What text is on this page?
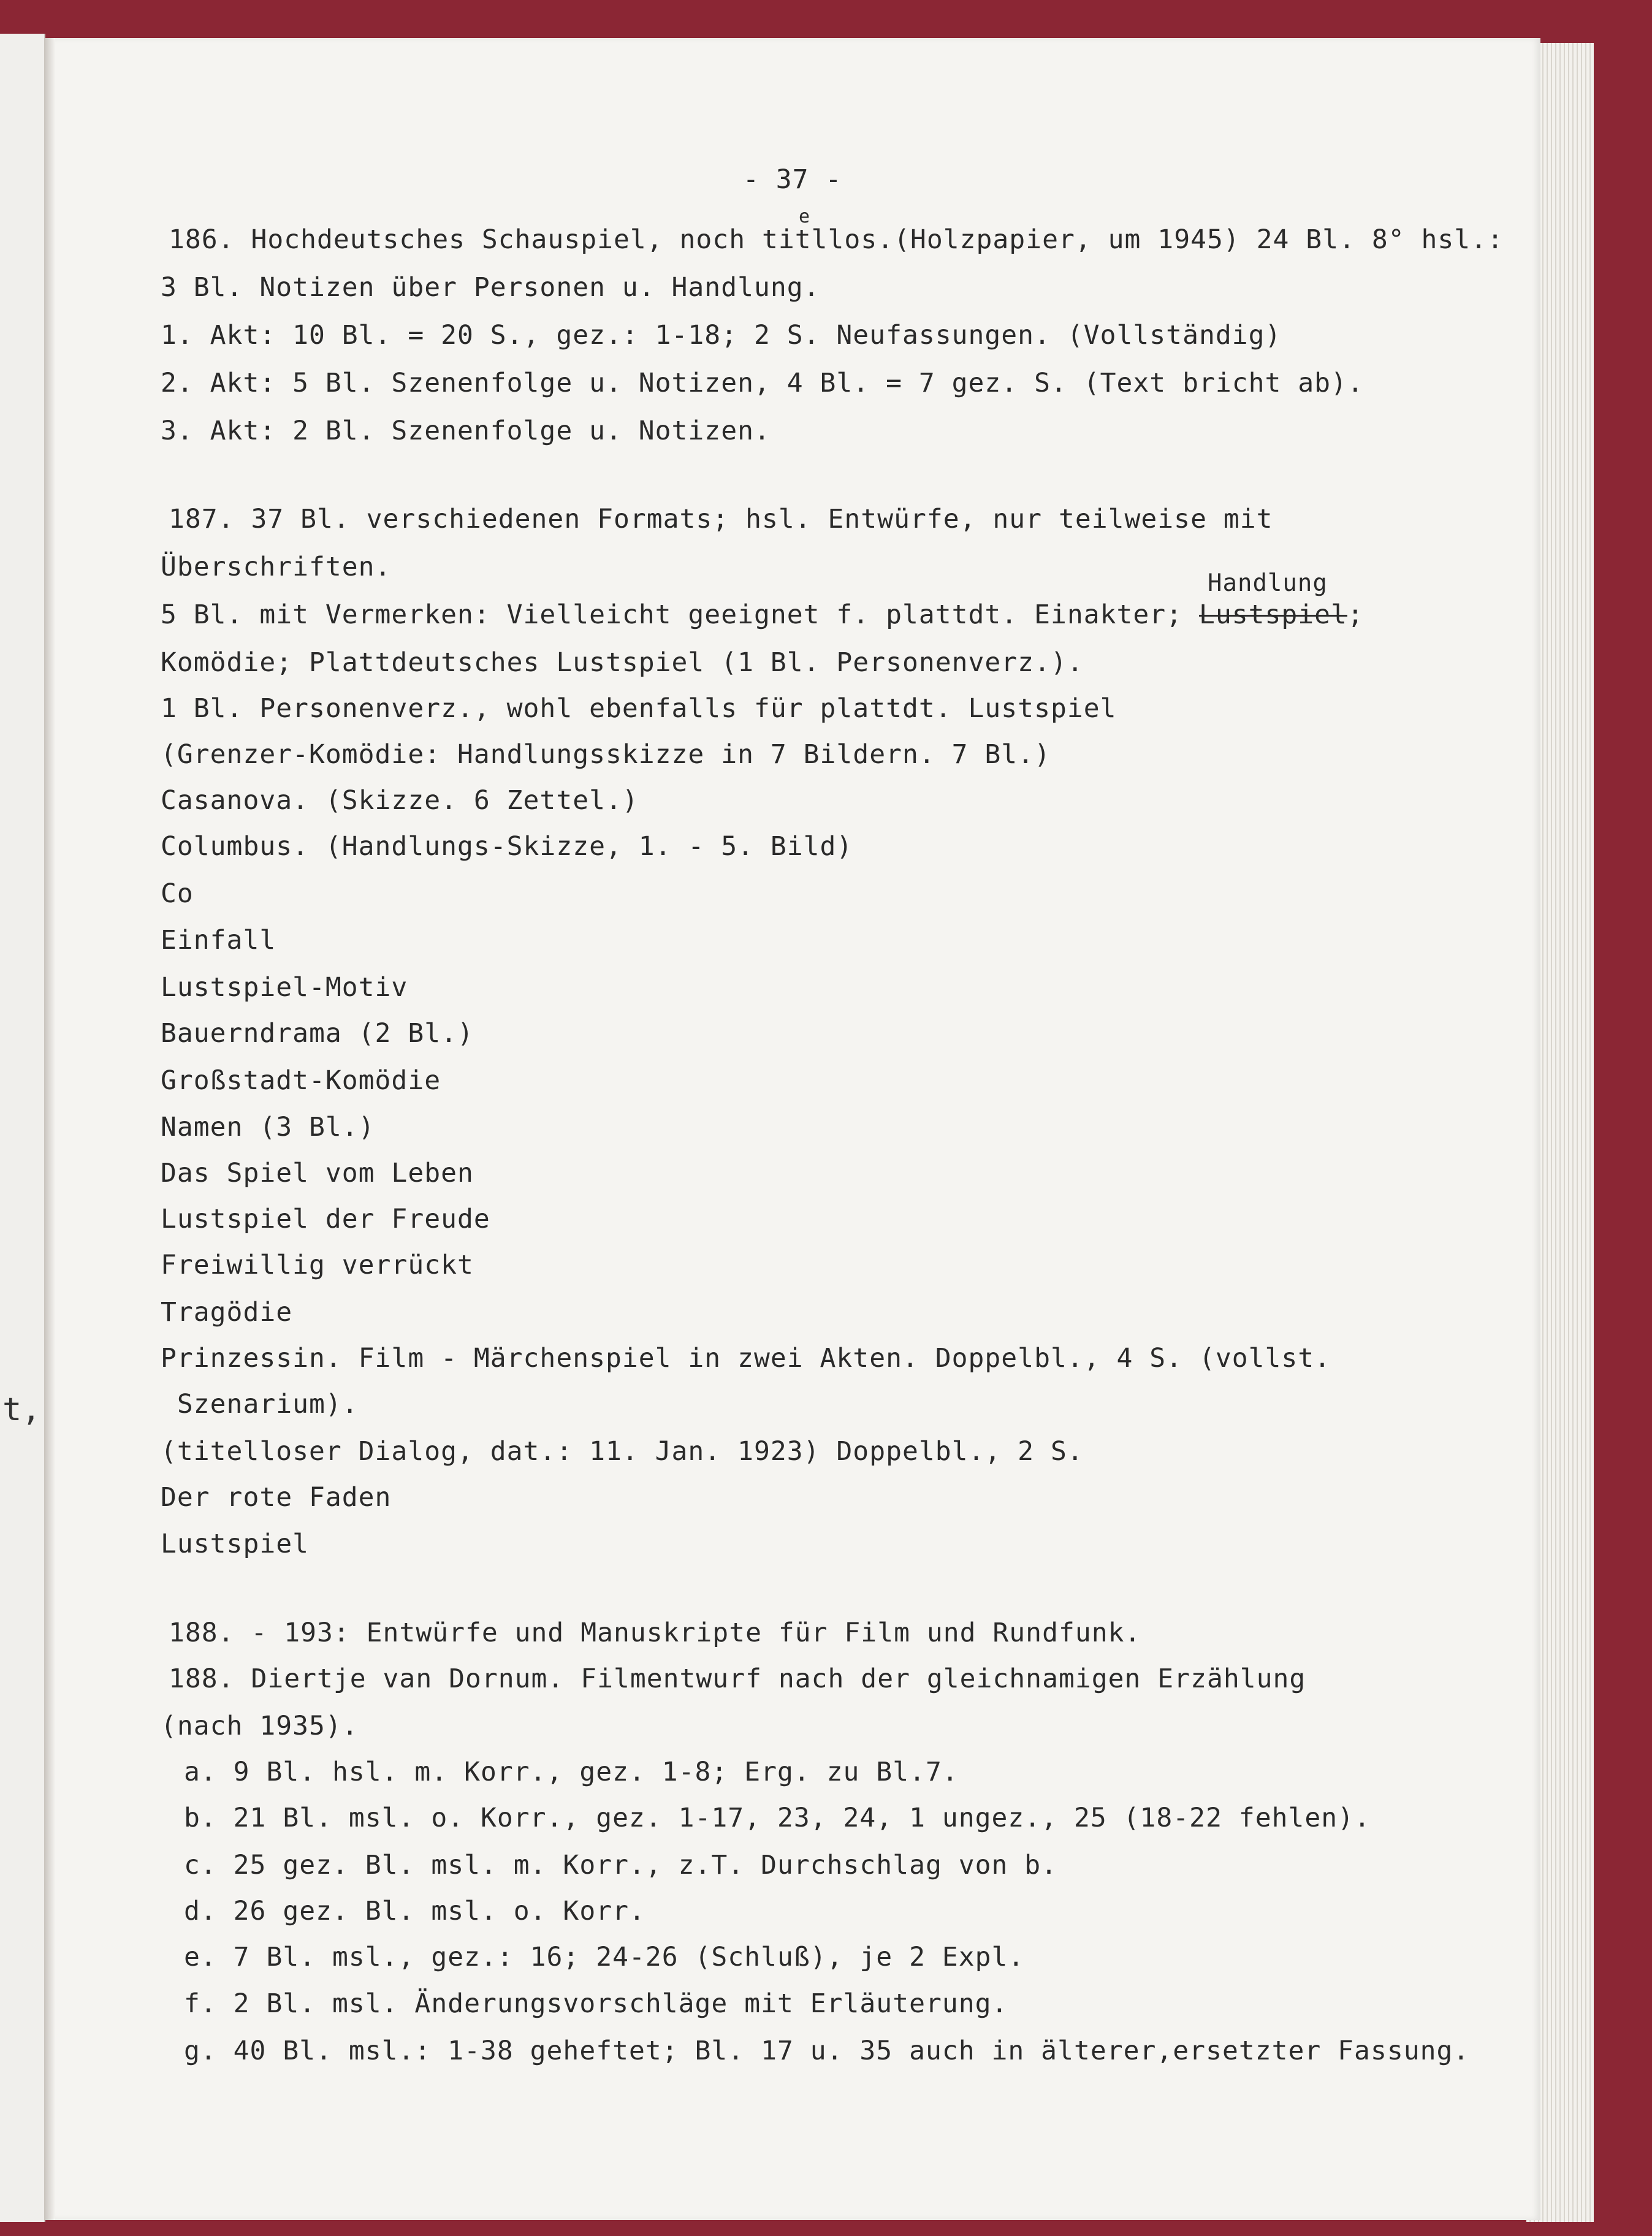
t,
- 37 -
186. Hochdeutsches Schauspiel, noch titllos.(Holzpapier, um 1945) 24 Bl. 8° hsl.:
e
3 Bl. Notizen über Personen u. Handlung.
1. Akt: 10 Bl. = 20 S., gez.: 1-18; 2 S. Neufassungen. (Vollständig)
2. Akt: 5 Bl. Szenenfolge u. Notizen, 4 Bl. = 7 gez. S. (Text bricht ab).
3. Akt: 2 Bl. Szenenfolge u. Notizen.
187. 37 Bl. verschiedenen Formats; hsl. Entwürfe, nur teilweise mit
Überschriften.
Handlung
5 Bl. mit Vermerken: Vielleicht geeignet f. plattdt. Einakter; Lustspiel;
Komödie; Plattdeutsches Lustspiel (1 Bl. Personenverz.).
1 Bl. Personenverz., wohl ebenfalls für plattdt. Lustspiel
(Grenzer-Komödie: Handlungsskizze in 7 Bildern. 7 Bl.)
Casanova. (Skizze. 6 Zettel.)
Columbus. (Handlungs-Skizze, 1. - 5. Bild)
Co
Einfall
Lustspiel-Motiv
Bauerndrama (2 Bl.)
Großstadt-Komödie
Namen (3 Bl.)
Das Spiel vom Leben
Lustspiel der Freude
Freiwillig verrückt
Tragödie
Prinzessin. Film - Märchenspiel in zwei Akten. Doppelbl., 4 S. (vollst.
Szenarium).
(titelloser Dialog, dat.: 11. Jan. 1923) Doppelbl., 2 S.
Der rote Faden
Lustspiel
188. - 193: Entwürfe und Manuskripte für Film und Rundfunk.
188. Diertje van Dornum. Filmentwurf nach der gleichnamigen Erzählung
(nach 1935).
a. 9 Bl. hsl. m. Korr., gez. 1-8; Erg. zu Bl.7.
b. 21 Bl. msl. o. Korr., gez. 1-17, 23, 24, 1 ungez., 25 (18-22 fehlen).
c. 25 gez. Bl. msl. m. Korr., z.T. Durchschlag von b.
d. 26 gez. Bl. msl. o. Korr.
e. 7 Bl. msl., gez.: 16; 24-26 (Schluß), je 2 Expl.
f. 2 Bl. msl. Änderungsvorschläge mit Erläuterung.
g. 40 Bl. msl.: 1-38 geheftet; Bl. 17 u. 35 auch in älterer,ersetzter Fassung.
